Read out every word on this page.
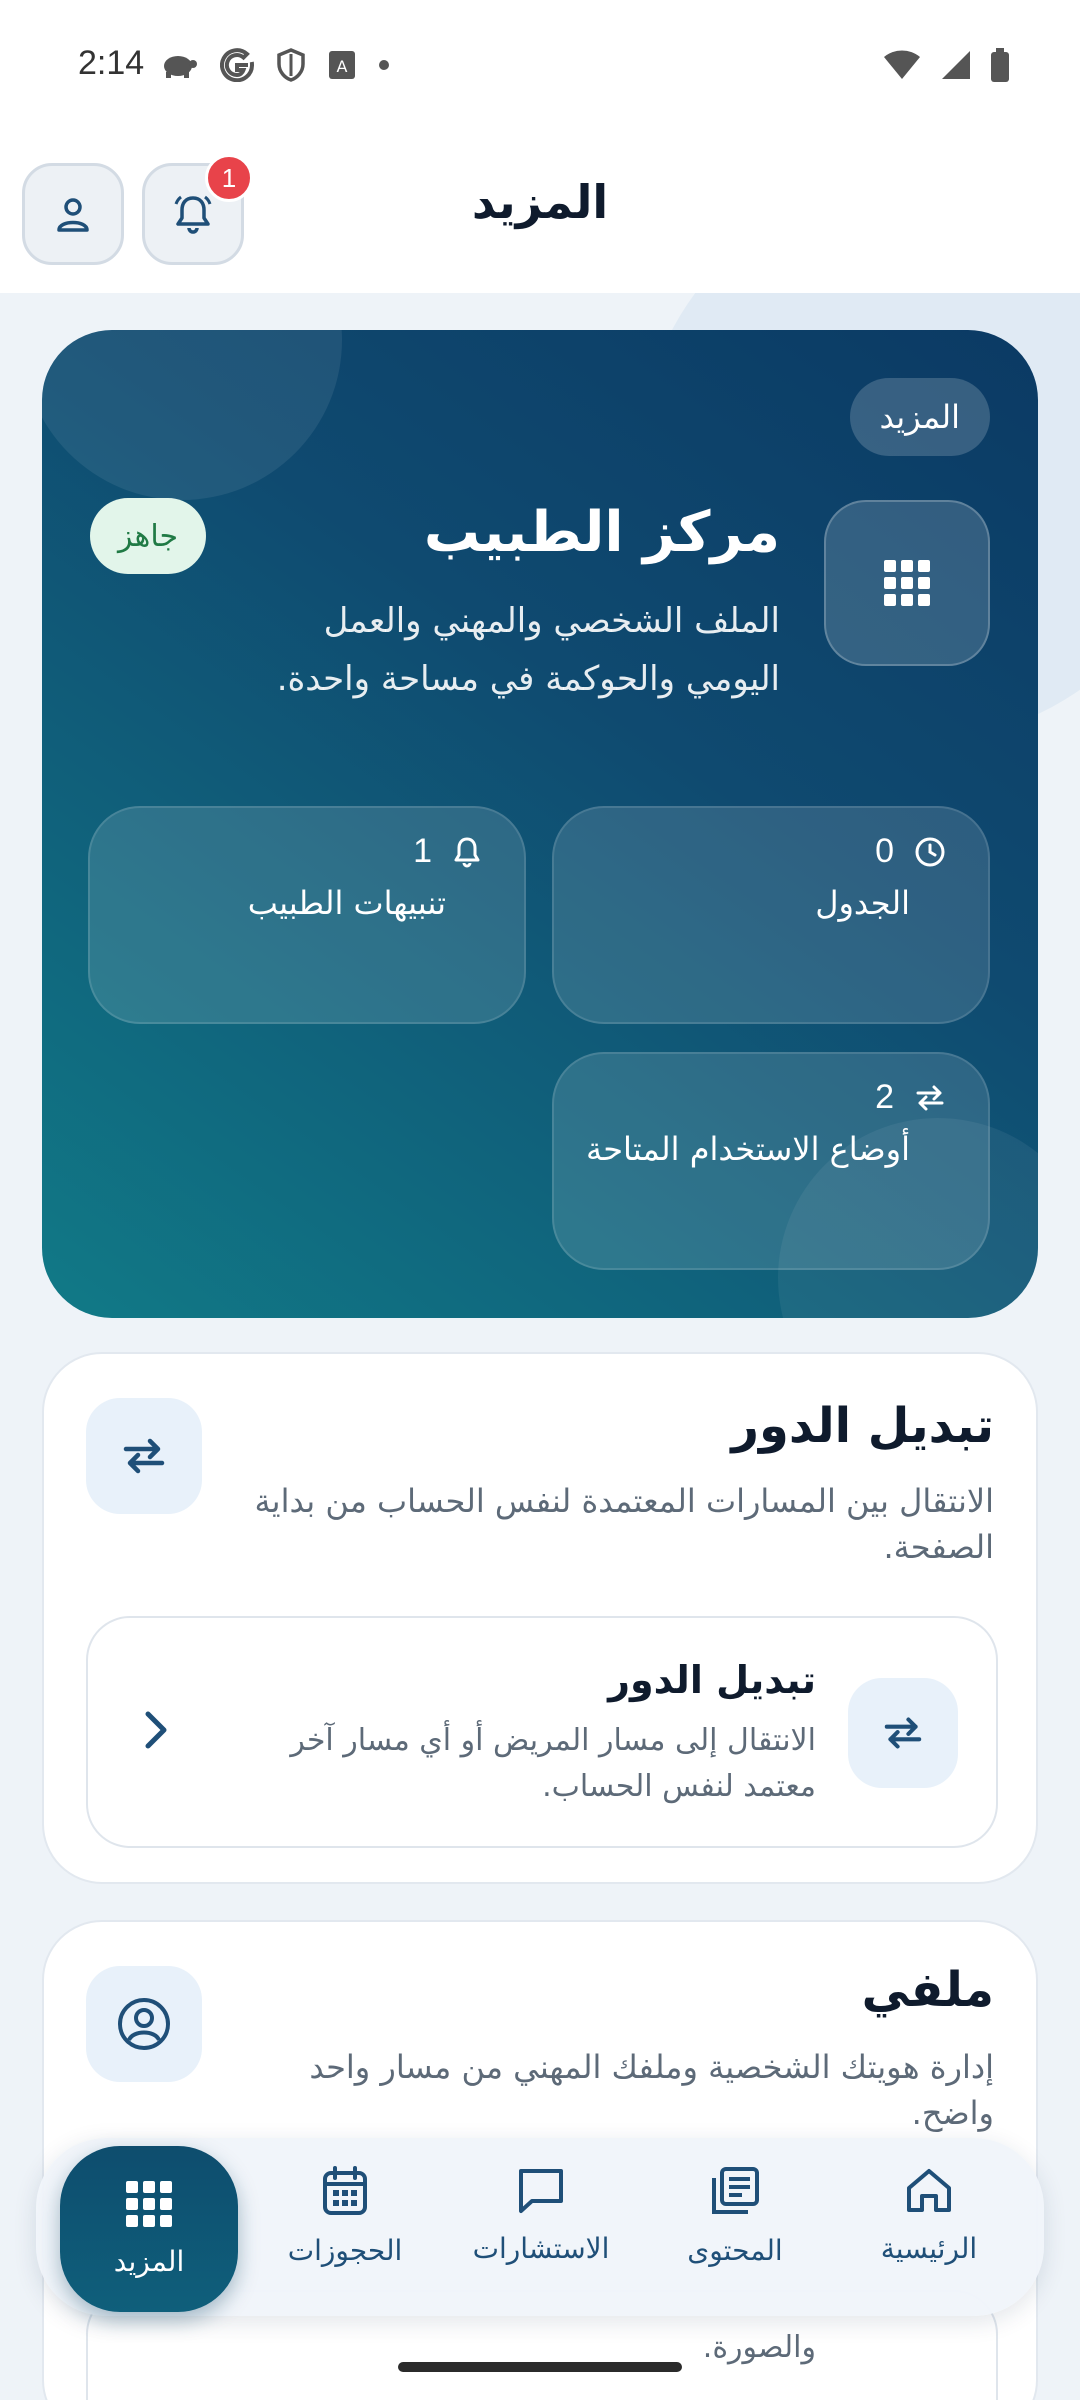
2:14	A
المزيد
1
المزيد
مركز الطبيب
الملف الشخصي والمهني والعمل اليومي والحوكمة في مساحة واحدة.
جاهز
0
الجدول
1
تنبيهات الطبيب
2
أوضاع الاستخدام المتاحة
تبديل الدور
الانتقال بين المسارات المعتمدة لنفس الحساب من بداية الصفحة.
تبديل الدور
الانتقال إلى مسار المريض أو أي مسار آخر معتمد لنفس الحساب.
ملفي
إدارة هويتك الشخصية وملفك المهني من مسار واحد واضح.
والصورة.
المزيد	الحجوزات	الاستشارات	المحتوى	الرئيسية
